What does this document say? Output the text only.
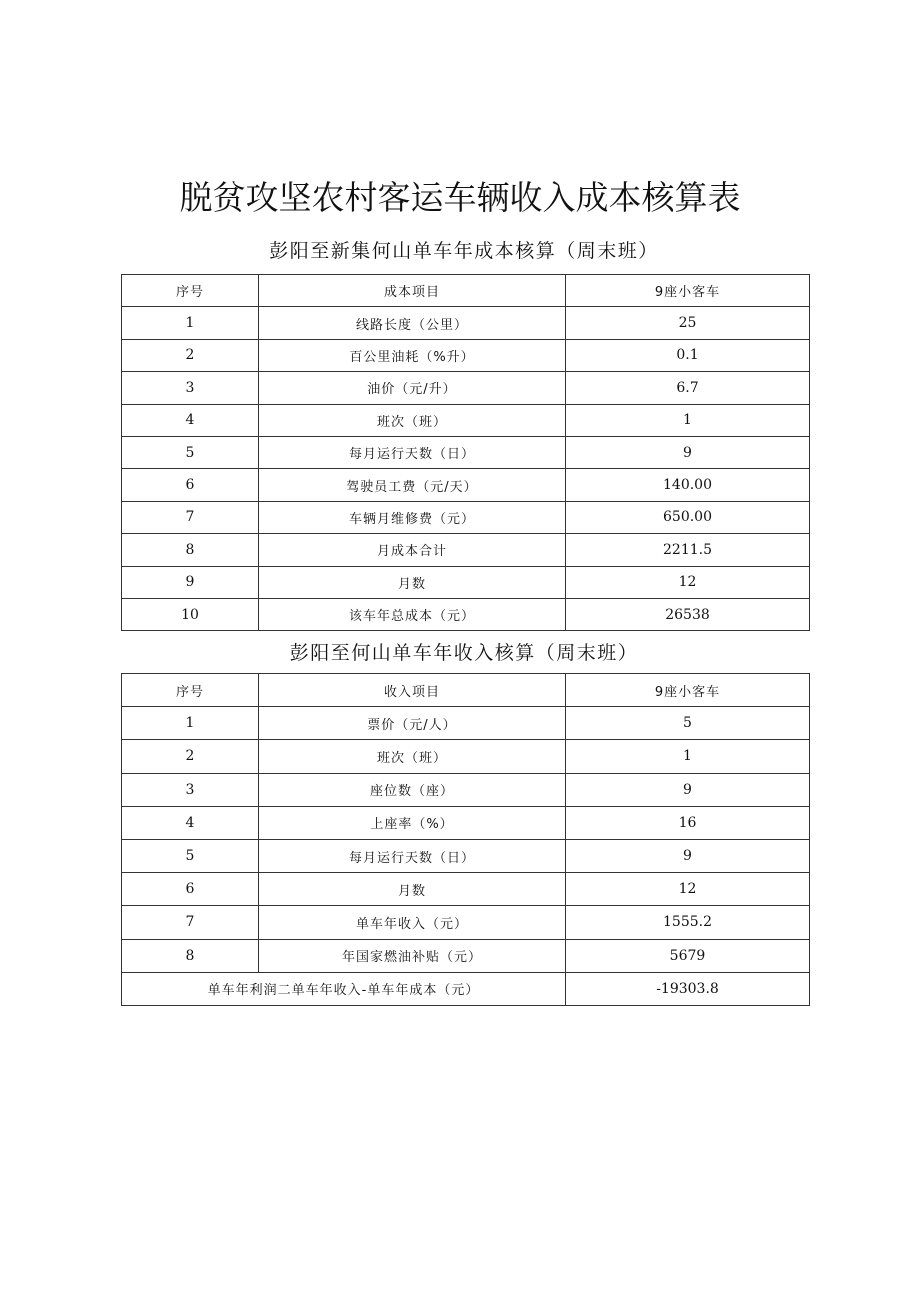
脱贫攻坚农村客运车辆收入成本核算表
彭阳至新集何山单车年成本核算（周末班）
序号	成本项目	9座小客车
1	线路长度（公里）	25
2	百公里油耗（%升）	0.1
3	油价（元/升）	6.7
4	班次（班）	1
5	每月运行天数（日）	9
6	驾驶员工费（元/天）	140.00
7	车辆月维修费（元）	650.00
8	月成本合计	2211.5
9	月数	12
10	该车年总成本（元）	26538
彭阳至何山单车年收入核算（周末班）
序号	收入项目	9座小客车
1	票价（元/人）	5
2	班次（班）	1
3	座位数（座）	9
4	上座率（%）	16
5	每月运行天数（日）	9
6	月数	12
7	单车年收入（元）	1555.2
8	年国家燃油补贴（元）	5679
单车年利润二单车年收入-单车年成本（元）		-19303.8
